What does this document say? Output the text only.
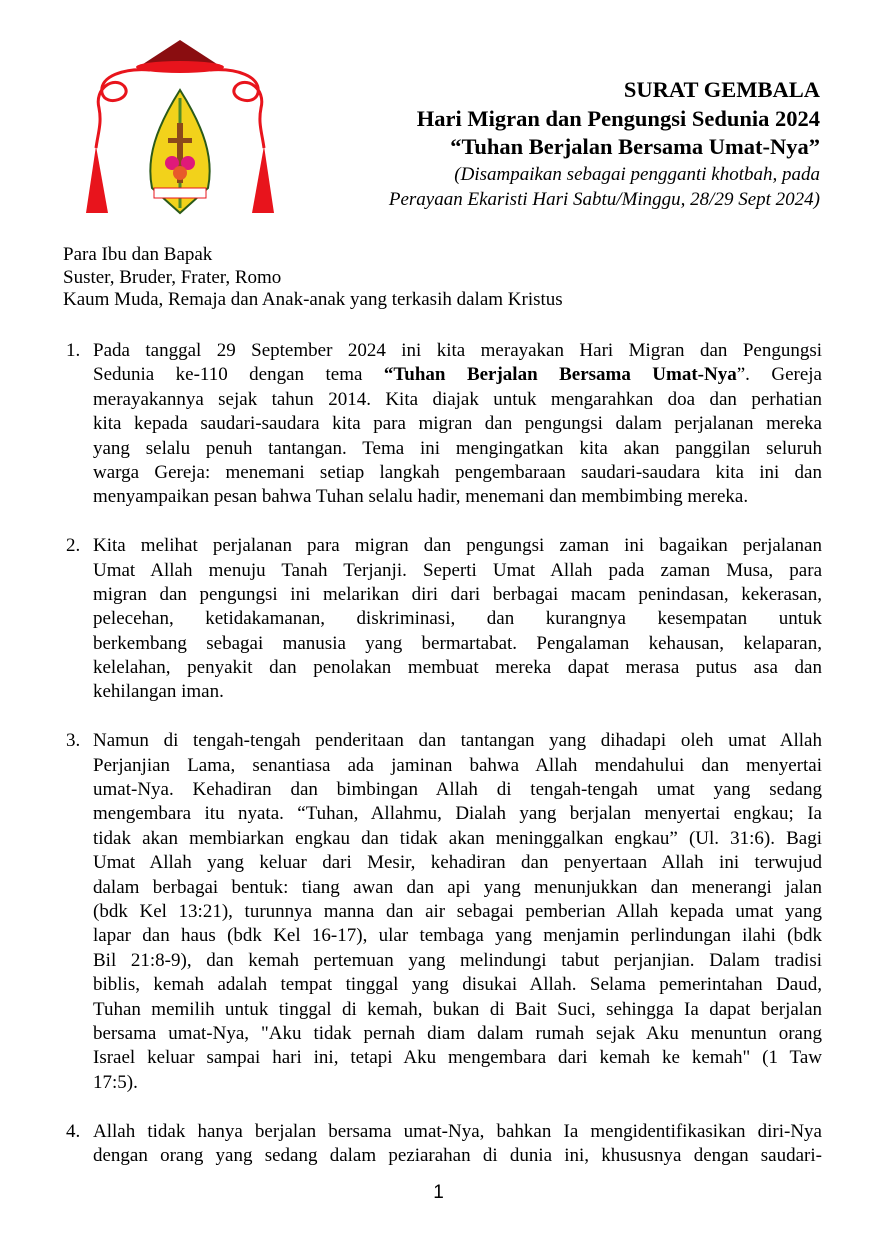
SURAT GEMBALA
Hari Migran dan Pengungsi Sedunia 2024
“Tuhan Berjalan Bersama Umat-Nya”
(Disampaikan sebagai pengganti khotbah, pada
Perayaan Ekaristi Hari Sabtu/Minggu, 28/29 Sept 2024)
Para Ibu dan Bapak
Suster, Bruder, Frater, Romo
Kaum Muda, Remaja dan Anak-anak yang terkasih dalam Kristus
1. Pada tanggal 29 September 2024 ini kita merayakan Hari Migran dan Pengungsi
Sedunia ke-110 dengan tema “Tuhan Berjalan Bersama Umat-Nya”. Gereja
merayakannya sejak tahun 2014. Kita diajak untuk mengarahkan doa dan perhatian
kita kepada saudari-saudara kita para migran dan pengungsi dalam perjalanan mereka
yang selalu penuh tantangan. Tema ini mengingatkan kita akan panggilan seluruh
warga Gereja: menemani setiap langkah pengembaraan saudari-saudara kita ini dan
menyampaikan pesan bahwa Tuhan selalu hadir, menemani dan membimbing mereka.
2. Kita melihat perjalanan para migran dan pengungsi zaman ini bagaikan perjalanan
Umat Allah menuju Tanah Terjanji. Seperti Umat Allah pada zaman Musa, para
migran dan pengungsi ini melarikan diri dari berbagai macam penindasan, kekerasan,
pelecehan, ketidakamanan, diskriminasi, dan kurangnya kesempatan untuk
berkembang sebagai manusia yang bermartabat. Pengalaman kehausan, kelaparan,
kelelahan, penyakit dan penolakan membuat mereka dapat merasa putus asa dan
kehilangan iman.
3. Namun di tengah-tengah penderitaan dan tantangan yang dihadapi oleh umat Allah
Perjanjian Lama, senantiasa ada jaminan bahwa Allah mendahului dan menyertai
umat-Nya. Kehadiran dan bimbingan Allah di tengah-tengah umat yang sedang
mengembara itu nyata. “Tuhan, Allahmu, Dialah yang berjalan menyertai engkau; Ia
tidak akan membiarkan engkau dan tidak akan meninggalkan engkau” (Ul. 31:6). Bagi
Umat Allah yang keluar dari Mesir, kehadiran dan penyertaan Allah ini terwujud
dalam berbagai bentuk: tiang awan dan api yang menunjukkan dan menerangi jalan
(bdk Kel 13:21), turunnya manna dan air sebagai pemberian Allah kepada umat yang
lapar dan haus (bdk Kel 16-17), ular tembaga yang menjamin perlindungan ilahi (bdk
Bil 21:8-9), dan kemah pertemuan yang melindungi tabut perjanjian. Dalam tradisi
biblis, kemah adalah tempat tinggal yang disukai Allah. Selama pemerintahan Daud,
Tuhan memilih untuk tinggal di kemah, bukan di Bait Suci, sehingga Ia dapat berjalan
bersama umat-Nya, "Aku tidak pernah diam dalam rumah sejak Aku menuntun orang
Israel keluar sampai hari ini, tetapi Aku mengembara dari kemah ke kemah" (1 Taw
17:5).
4. Allah tidak hanya berjalan bersama umat-Nya, bahkan Ia mengidentifikasikan diri-Nya
dengan orang yang sedang dalam peziarahan di dunia ini, khususnya dengan saudari-
1
